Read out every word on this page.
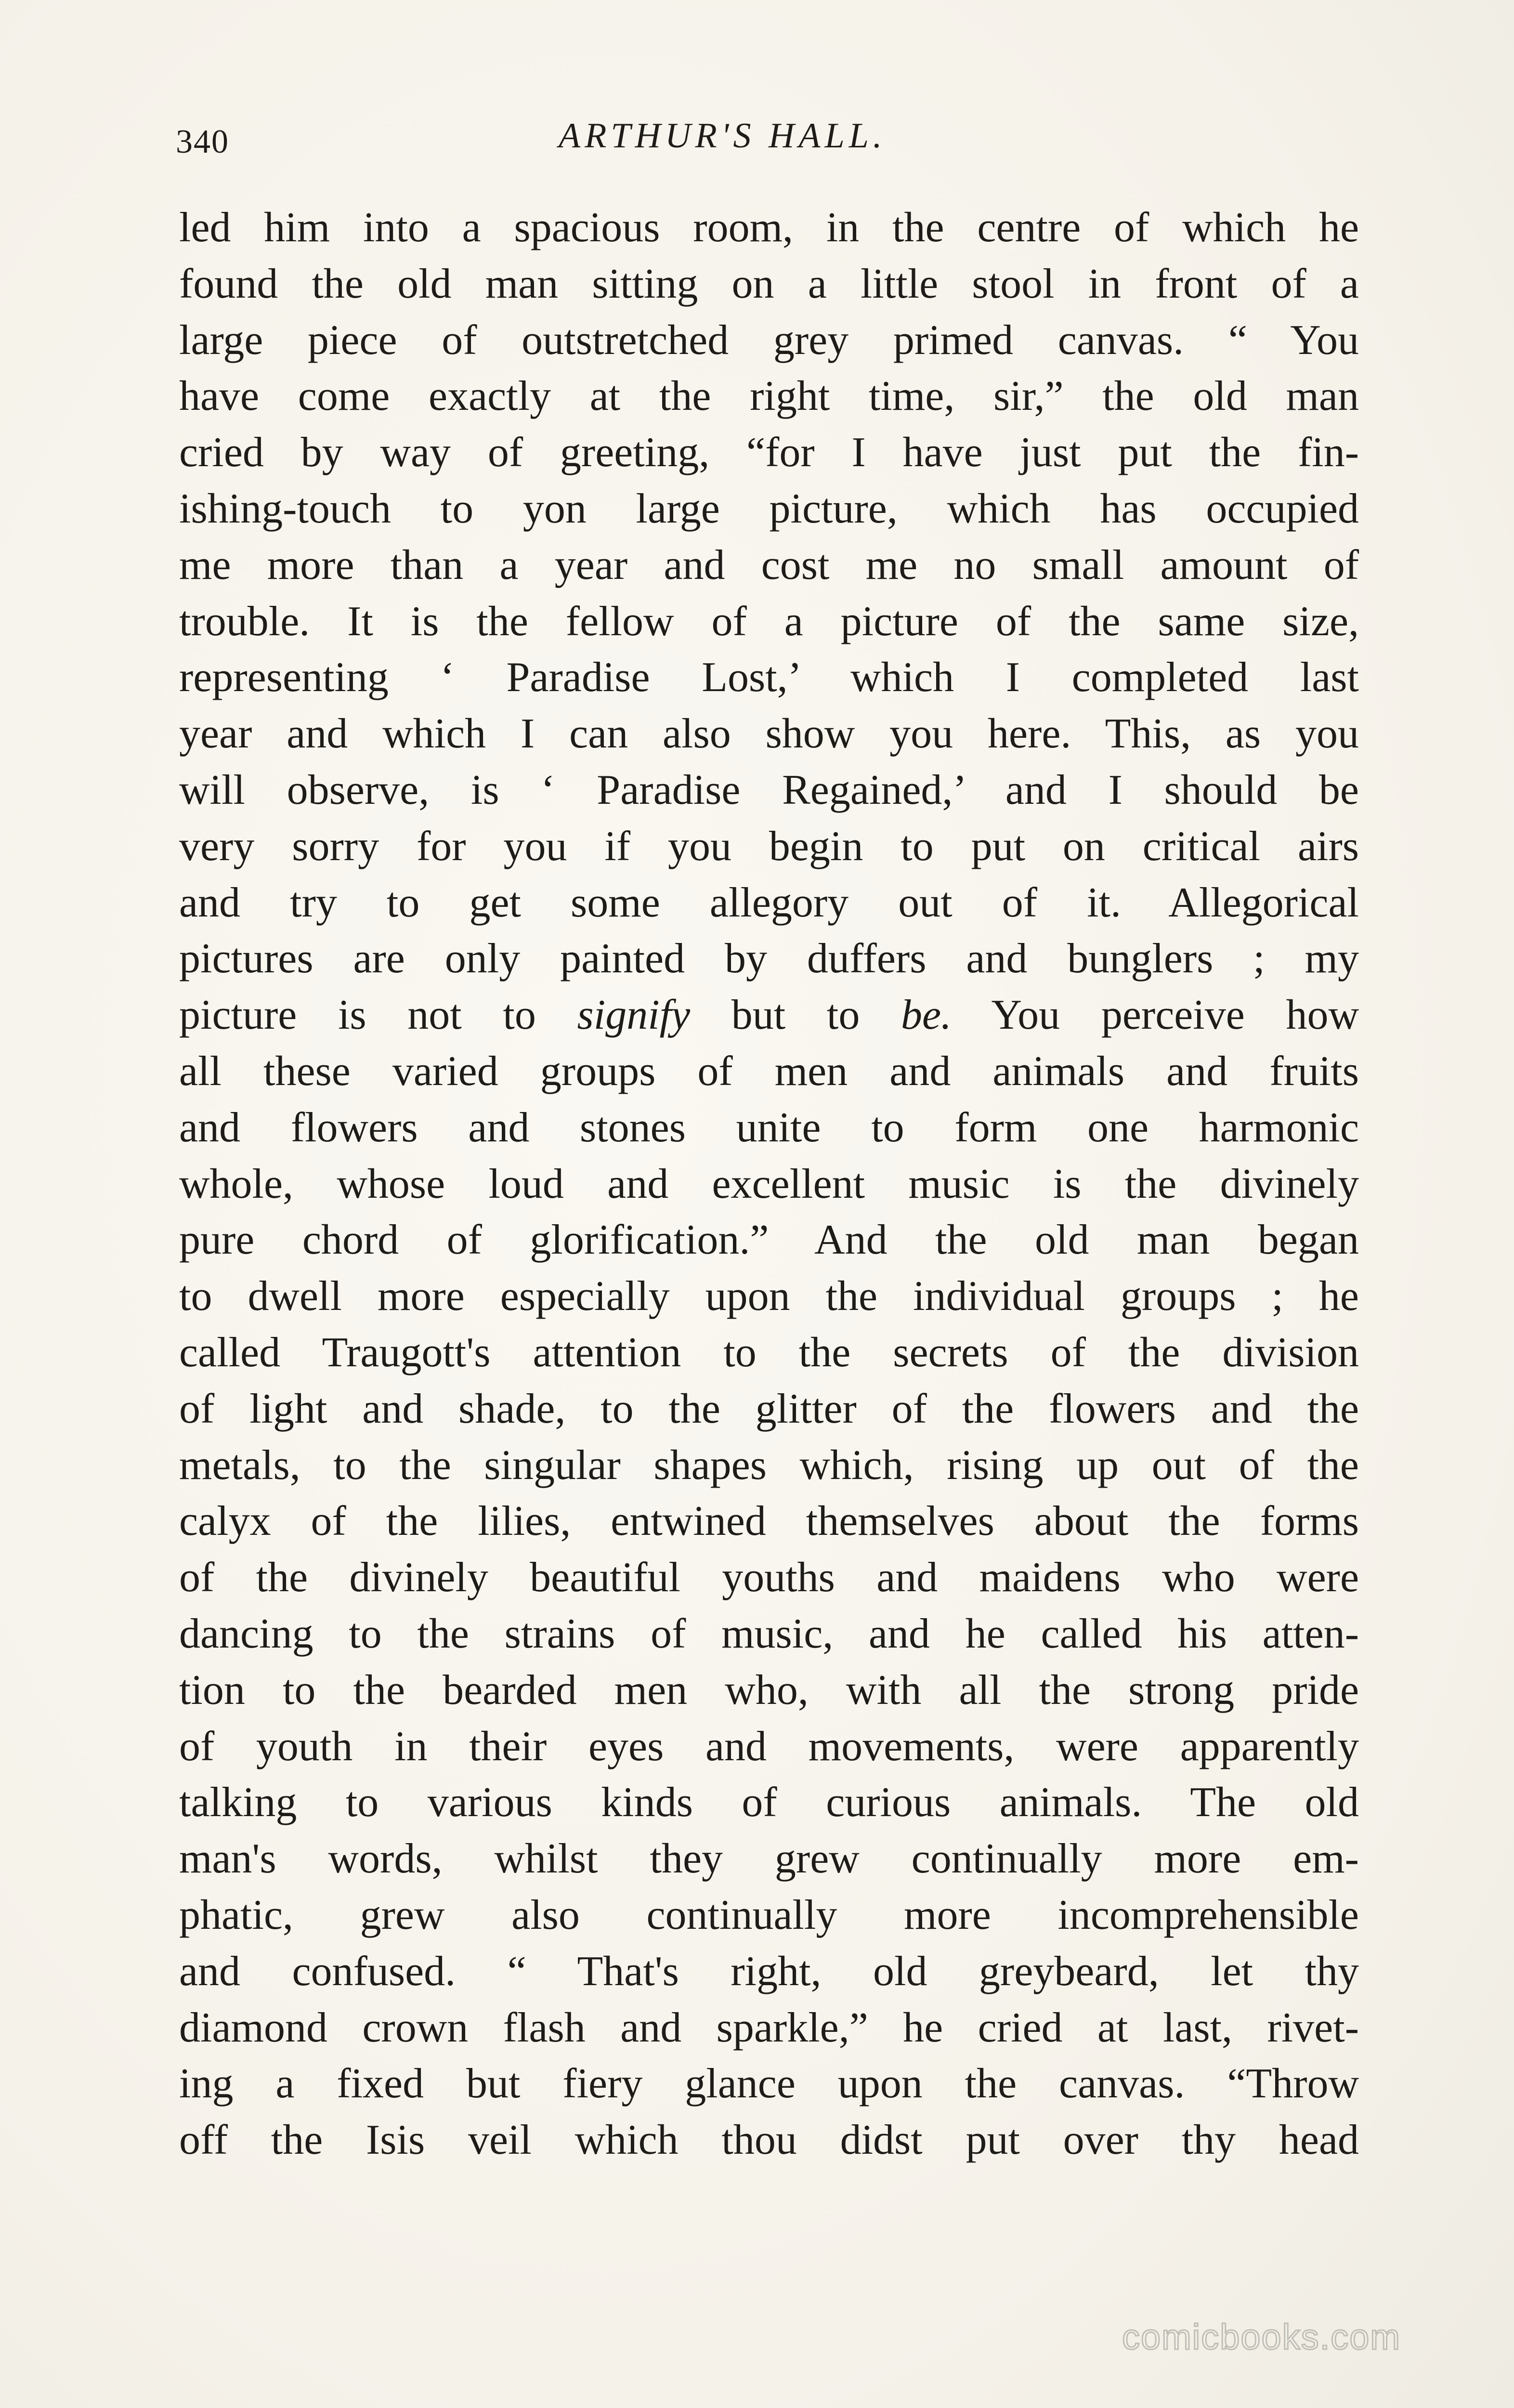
340	ARTHUR'S HALL.
led him into a spacious room, in the centre of which he
found the old man sitting on a little stool in front of a
large piece of outstretched grey primed canvas. “ You
have come exactly at the right time, sir,” the old man
cried by way of greeting, “for I have just put the fin-
ishing-touch to yon large picture, which has occupied
me more than a year and cost me no small amount of
trouble. It is the fellow of a picture of the same size,
representing ‘ Paradise Lost,’ which I completed last
year and which I can also show you here. This, as you
will observe, is ‘ Paradise Regained,’ and I should be
very sorry for you if you begin to put on critical airs
and try to get some allegory out of it. Allegorical
pictures are only painted by duffers and bunglers ; my
picture is not to signify but to be. You perceive how
all these varied groups of men and animals and fruits
and flowers and stones unite to form one harmonic
whole, whose loud and excellent music is the divinely
pure chord of glorification.” And the old man began
to dwell more especially upon the individual groups ; he
called Traugott's attention to the secrets of the division
of light and shade, to the glitter of the flowers and the
metals, to the singular shapes which, rising up out of the
calyx of the lilies, entwined themselves about the forms
of the divinely beautiful youths and maidens who were
dancing to the strains of music, and he called his atten-
tion to the bearded men who, with all the strong pride
of youth in their eyes and movements, were apparently
talking to various kinds of curious animals. The old
man's words, whilst they grew continually more em-
phatic, grew also continually more incomprehensible
and confused. “ That's right, old greybeard, let thy
diamond crown flash and sparkle,” he cried at last, rivet-
ing a fixed but fiery glance upon the canvas. “Throw
off the Isis veil which thou didst put over thy head
comicbooks.com
